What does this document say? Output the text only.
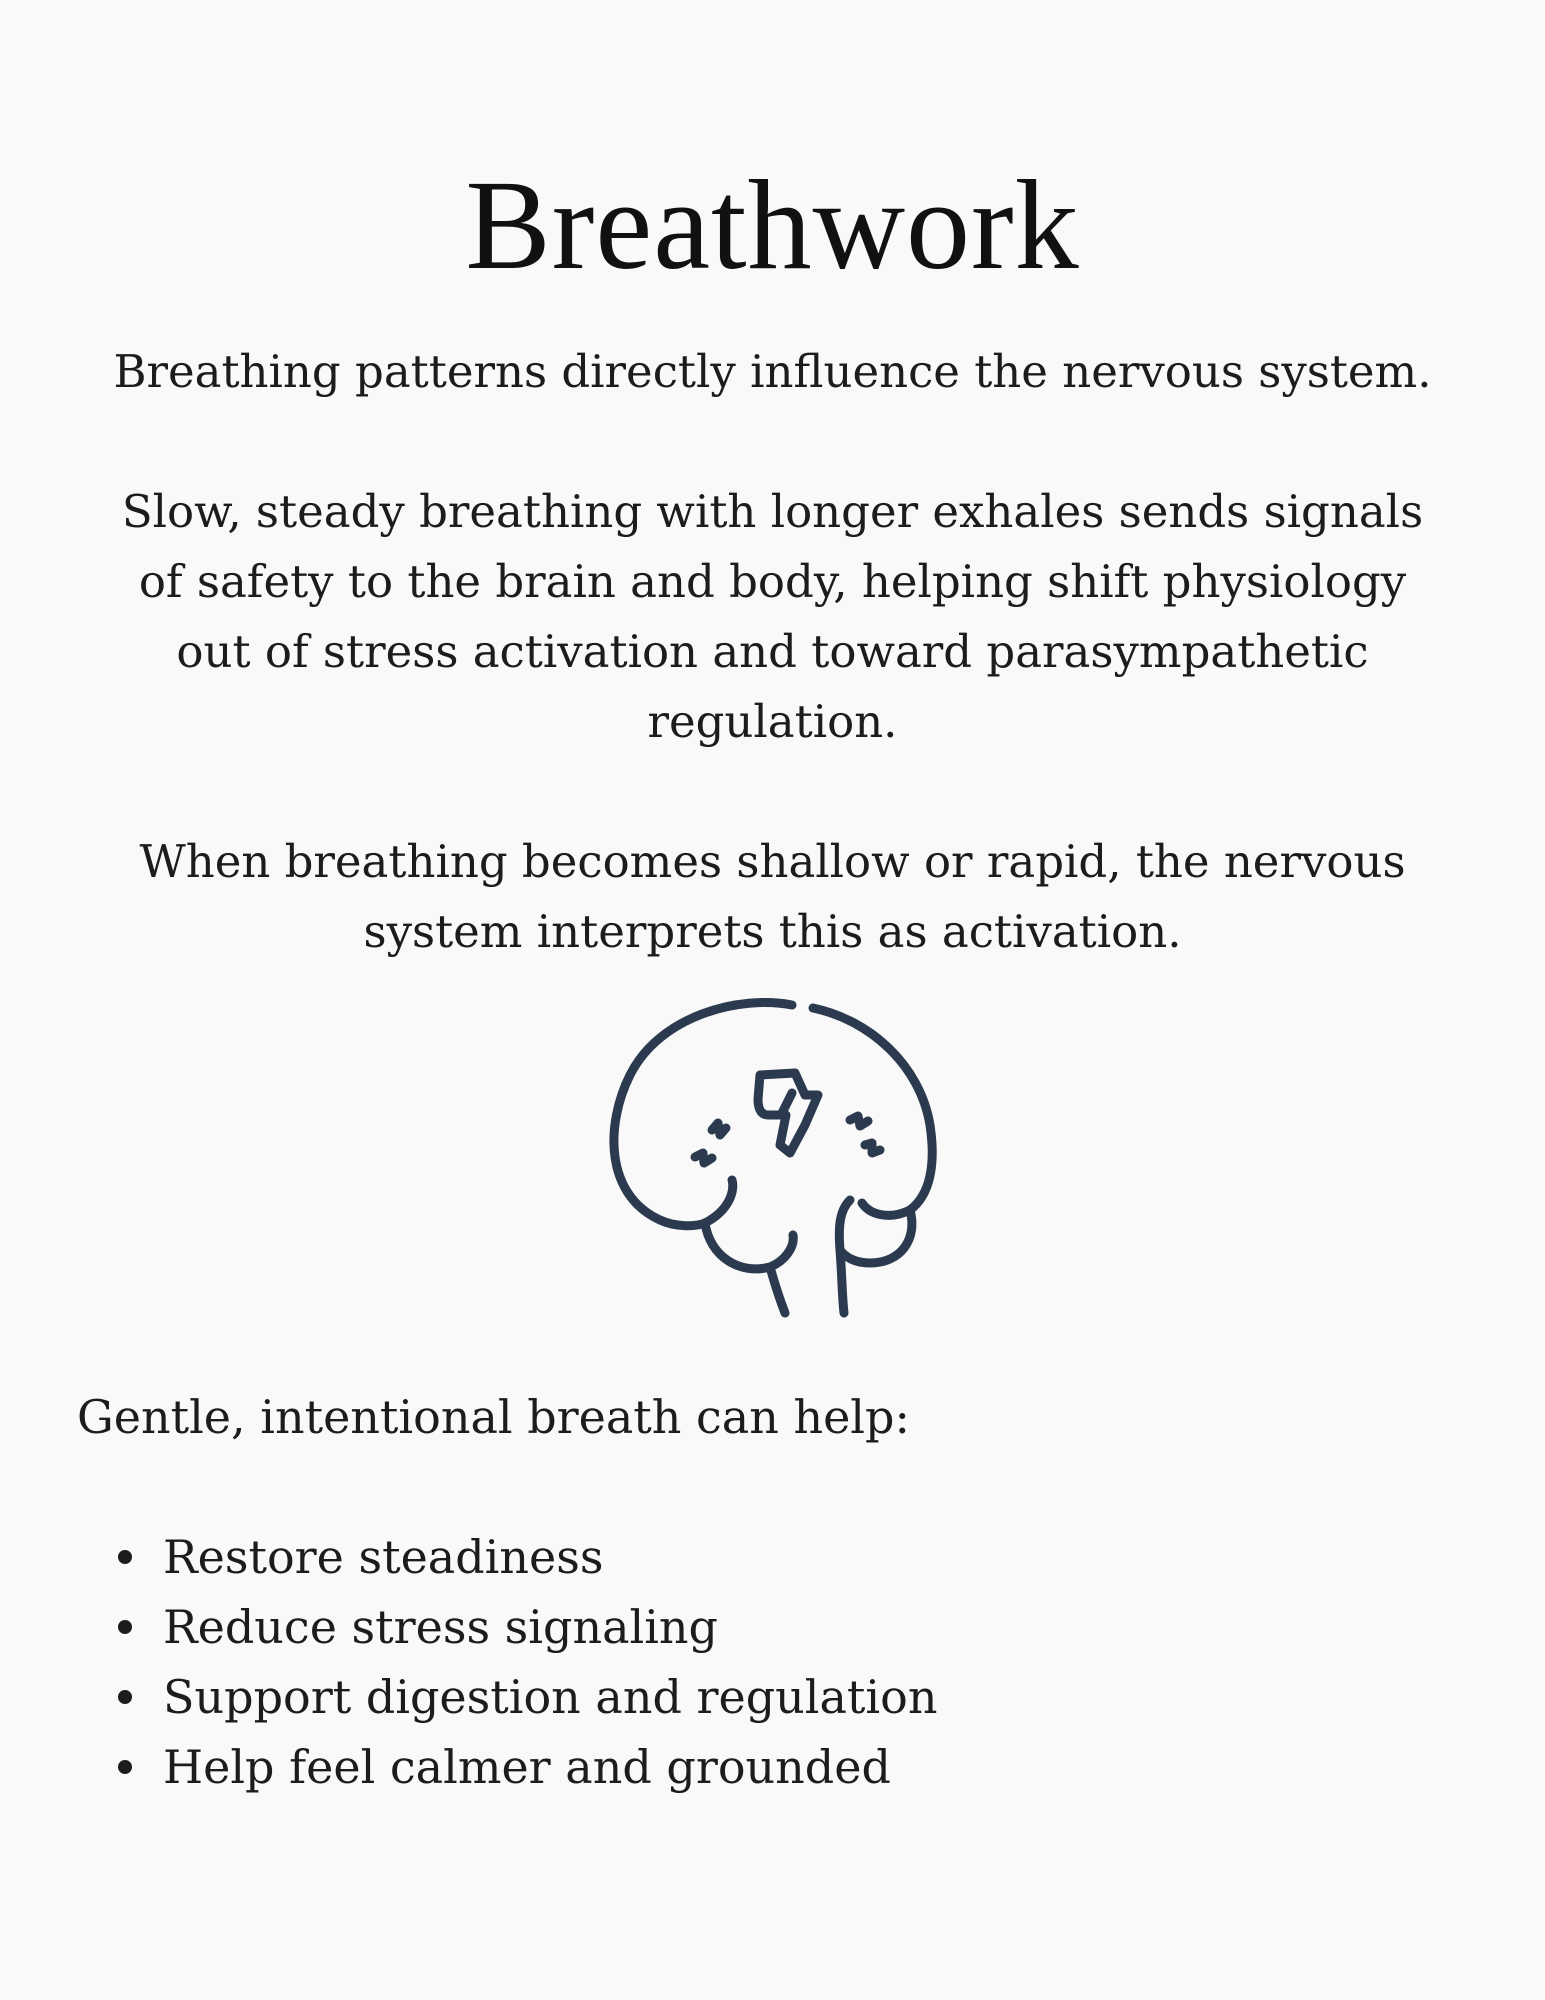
Breathwork

Breathing patterns directly influence the nervous system.

Slow, steady breathing with longer exhales sends signals of safety to the brain and body, helping shift physiology out of stress activation and toward parasympathetic regulation.

When breathing becomes shallow or rapid, the nervous system interprets this as activation.

Gentle, intentional breath can help:

Restore steadiness
Reduce stress signaling
Support digestion and regulation
Help feel calmer and grounded
